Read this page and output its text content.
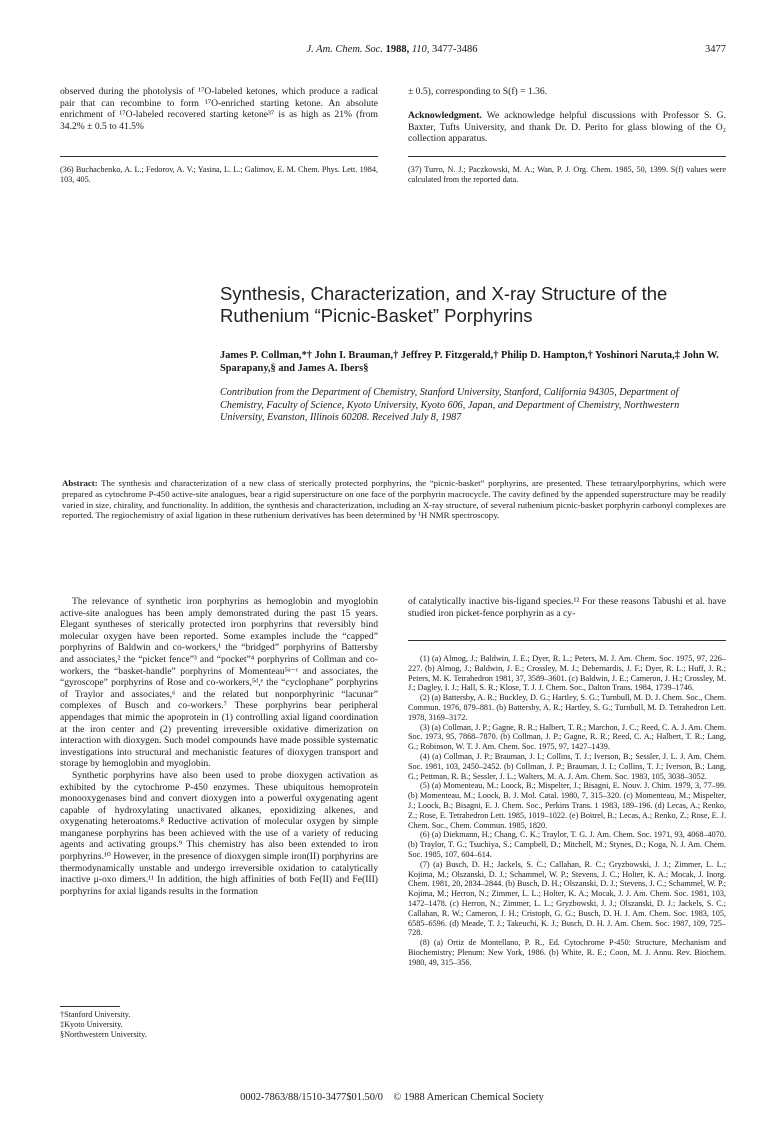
J. Am. Chem. Soc. 1988, 110, 3477-3486	3477
observed during the photolysis of ¹⁷O-labeled ketones, which produce a radical pair that can recombine to form ¹⁷O-enriched starting ketone. An absolute enrichment of ¹⁷O-labeled recovered starting ketone³⁷ is as high as 21% (from 34.2% ± 0.5 to 41.5%
± 0.5), corresponding to S(f) = 1.36.
Acknowledgment. We acknowledge helpful discussions with Professor S. G. Baxter, Tufts University, and thank Dr. D. Perito for glass blowing of the O₂ collection apparatus.
(36) Buchachenko, A. L.; Fedorov, A. V.; Yasina, L. L.; Galimov, E. M. Chem. Phys. Lett. 1984, 103, 405.
(37) Turro, N. J.; Paczkowski, M. A.; Wan, P. J. Org. Chem. 1985, 50, 1399. S(f) values were calculated from the reported data.
Synthesis, Characterization, and X-ray Structure of the Ruthenium “Picnic-Basket” Porphyrins
James P. Collman,*† John I. Brauman,† Jeffrey P. Fitzgerald,† Philip D. Hampton,† Yoshinori Naruta,‡ John W. Sparapany,§ and James A. Ibers§
Contribution from the Department of Chemistry, Stanford University, Stanford, California 94305, Department of Chemistry, Faculty of Science, Kyoto University, Kyoto 606, Japan, and Department of Chemistry, Northwestern University, Evanston, Illinois 60208. Received July 8, 1987
Abstract: The synthesis and characterization of a new class of sterically protected porphyrins, the “picnic-basket” porphyrins, are presented. These tetraarylporphyrins, which were prepared as cytochrome P-450 active-site analogues, bear a rigid superstructure on one face of the porphyrin macrocycle. The cavity defined by the appended superstructure may be readily varied in size, chirality, and functionality. In addition, the synthesis and characterization, including an X-ray structure, of several ruthenium picnic-basket porphyrin carbonyl complexes are reported. The regiochemistry of axial ligation in these ruthenium derivatives has been determined by ¹H NMR spectroscopy.

The relevance of synthetic iron porphyrins as hemoglobin and myoglobin active-site analogues has been amply demonstrated during the past 15 years. Elegant syntheses of sterically protected iron porphyrins that reversibly bind molecular oxygen have been reported. Some examples include the “capped” porphyrins of Baldwin and co-workers,¹ the “bridged” porphyrins of Battersby and associates,² the “picket fence”³ and “pocket”⁴ porphyrins of Collman and co-workers, the “basket-handle” porphyrins of Momenteau⁵ᵃ⁻ᶜ and associates, the “gyroscope” porphyrins of Rose and co-workers,⁵ᵈ,ᵉ the “cyclophane” porphyrins of Traylor and associates,⁶ and the related but nonporphyrinic “lacunar” complexes of Busch and co-workers.⁷ These porphyrins bear peripheral appendages that mimic the apoprotein in (1) controlling axial ligand coordination at the iron center and (2) preventing irreversible oxidative dimerization on interaction with dioxygen. Such model compounds have made possible systematic investigations into structural and mechanistic features of dioxygen transport and storage by hemoglobin and myoglobin.

Synthetic porphyrins have also been used to probe dioxygen activation as exhibited by the cytochrome P-450 enzymes. These ubiquitous hemoprotein monooxygenases bind and convert dioxygen into a powerful oxygenating agent capable of hydroxylating unactivated alkanes, epoxidizing alkenes, and oxygenating heteroatoms.⁸ Reductive activation of molecular oxygen by simple manganese porphyrins has been achieved with the use of a variety of reducing agents and activating groups.⁹ This chemistry has also been extended to iron porphyrins.¹⁰ However, in the presence of dioxygen simple iron(II) porphyrins are thermodynamically unstable and undergo irreversible oxidation to catalytically inactive μ-oxo dimers.¹¹ In addition, the high affinities of both Fe(II) and Fe(III) porphyrins for axial ligands results in the formation

†Stanford University.
‡Kyoto University.
§Northwestern University.
of catalytically inactive bis-ligand species.¹² For these reasons Tabushi et al. have studied iron picket-fence porphyrin as a cy-

(1) (a) Almog, J.; Baldwin, J. E.; Dyer, R. L.; Peters, M. J. Am. Chem. Soc. 1975, 97, 226–227. (b) Almog, J.; Baldwin, J. E.; Crossley, M. J.; Debernardis, J. F.; Dyer, R. L.; Huff, J. R.; Peters, M. K. Tetrahedron 1981, 37, 3589–3601. (c) Baldwin, J. E.; Cameron, J. H.; Crossley, M. J.; Dagley, I. J.; Hall, S. R.; Klose, T. J. J. Chem. Soc., Dalton Trans. 1984, 1739–1746.

(2) (a) Battersby, A. R.; Buckley, D. G.; Hartley, S. G.; Turnbull, M. D. J. Chem. Soc., Chem. Commun. 1976, 879–881. (b) Battersby, A. R.; Hartley, S. G.; Turnbull, M. D. Tetrahedron Lett. 1978, 3169–3172.

(3) (a) Collman, J. P.; Gagne, R. R.; Halbert, T. R.; Marchon, J. C.; Reed, C. A. J. Am. Chem. Soc. 1973, 95, 7868–7870. (b) Collman, J. P.; Gagne, R. R.; Reed, C. A.; Halbert, T. R.; Lang, G.; Robinson, W. T. J. Am. Chem. Soc. 1975, 97, 1427–1439.

(4) (a) Collman, J. P.; Brauman, J. I.; Collins, T. J.; Iverson, B.; Sessler, J. L. J. Am. Chem. Soc. 1981, 103, 2450–2452. (b) Collman, J. P.; Brauman, J. I.; Collins, T. J.; Iverson, B.; Lang, G.; Pettman, R. B.; Sessler, J. L.; Walters, M. A. J. Am. Chem. Soc. 1983, 105, 3038–3052.

(5) (a) Momenteau, M.; Loock, B.; Mispelter, J.; Bisagni, E. Nouv. J. Chim. 1979, 3, 77–99. (b) Momenteau, M.; Loock, B. J. Mol. Catal. 1980, 7, 315–320. (c) Momenteau, M.; Mispelter, J.; Loock, B.; Bisagni, E. J. Chem. Soc., Perkins Trans. 1 1983, 189–196. (d) Lecas, A.; Renko, Z.; Rose, E. Tetrahedron Lett. 1985, 1019–1022. (e) Boitrel, B.; Lecas, A.; Renko, Z.; Rose, E. J. Chem. Soc., Chem. Commun. 1985, 1820.

(6) (a) Diekmann, H.; Chang, C. K.; Traylor, T. G. J. Am. Chem. Soc. 1971, 93, 4068–4070. (b) Traylor, T. G.; Tsuchiya, S.; Campbell, D.; Mitchell, M.; Stynes, D.; Koga, N. J. Am. Chem. Soc. 1985, 107, 604–614.

(7) (a) Busch, D. H.; Jackels, S. C.; Callahan, R. C.; Gryzbowski, J. J.; Zimmer, L. L.; Kojima, M.; Olszanski, D. J.; Schammel, W. P.; Stevens, J. C.; Holter, K. A.; Mocak, J. Inorg. Chem. 1981, 20, 2834–2844. (b) Busch, D. H.; Olszanski, D. J.; Stevens, J. C.; Schammel, W. P.; Kojima, M.; Herron, N.; Zimmer, L. L.; Holter, K. A.; Mocak, J. J. Am. Chem. Soc. 1981, 103, 1472–1478. (c) Herron, N.; Zimmer, L. L.; Gryzbowski, J. J.; Olszanski, D. J.; Jackels, S. C.; Callahan, R. W.; Cameron, J. H.; Cristoph, G. G.; Busch, D. H. J. Am. Chem. Soc. 1983, 105, 6585–6596. (d) Meade, T. J.; Takeuchi, K. J.; Busch, D. H. J. Am. Chem. Soc. 1987, 109, 725–728.

(8) (a) Ortiz de Montellano, P. R., Ed. Cytochrome P-450: Structure, Mechanism and Biochemistry; Plenum: New York, 1986. (b) White, R. E.; Coon, M. J. Annu. Rev. Biochem. 1980, 49, 315–356.

0002-7863/88/1510-3477$01.50/0 © 1988 American Chemical Society
